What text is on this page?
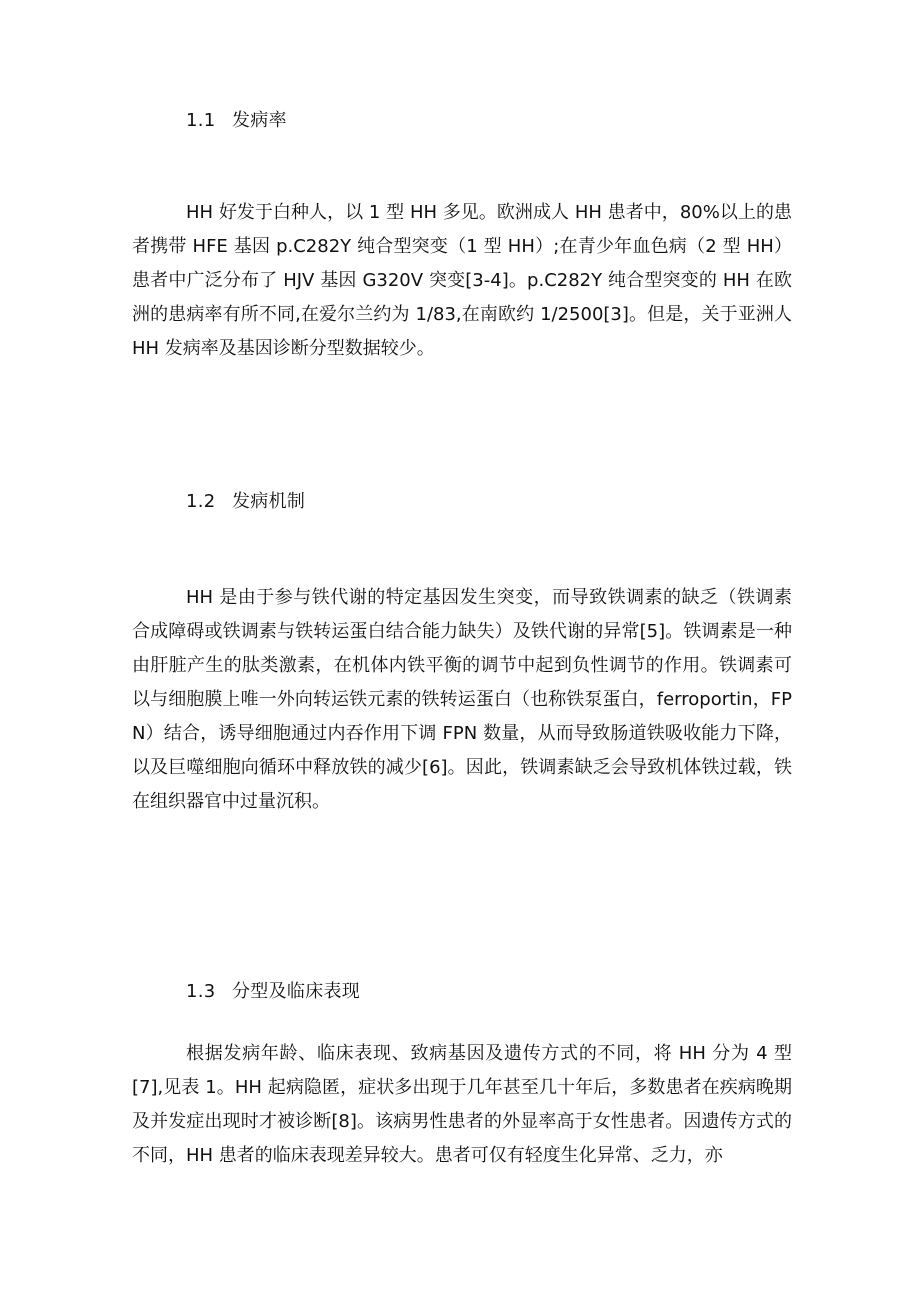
1.1 发病率
HH 好发于白种人，以 1 型 HH 多见。欧洲成人 HH 患者中，80%以上的患者携带 HFE 基因 p.C282Y 纯合型突变（1 型 HH）;在青少年血色病（2 型 HH）患者中广泛分布了 HJV 基因 G320V 突变[3-4]。p.C282Y 纯合型突变的 HH 在欧洲的患病率有所不同,在爱尔兰约为 1/83,在南欧约 1/2500[3]。但是，关于亚洲人 HH 发病率及基因诊断分型数据较少。
1.2 发病机制
HH 是由于参与铁代谢的特定基因发生突变，而导致铁调素的缺乏（铁调素合成障碍或铁调素与铁转运蛋白结合能力缺失）及铁代谢的异常[5]。铁调素是一种由肝脏产生的肽类激素，在机体内铁平衡的调节中起到负性调节的作用。铁调素可以与细胞膜上唯一外向转运铁元素的铁转运蛋白（也称铁泵蛋白，ferroportin，FPN）结合，诱导细胞通过内吞作用下调 FPN 数量，从而导致肠道铁吸收能力下降，以及巨噬细胞向循环中释放铁的减少[6]。因此，铁调素缺乏会导致机体铁过载，铁在组织器官中过量沉积。
1.3 分型及临床表现
根据发病年龄、临床表现、致病基因及遗传方式的不同，将 HH 分为 4 型[7],见表 1。HH 起病隐匿，症状多出现于几年甚至几十年后，多数患者在疾病晚期及并发症出现时才被诊断[8]。该病男性患者的外显率高于女性患者。因遗传方式的不同，HH 患者的临床表现差异较大。患者可仅有轻度生化异常、乏力，亦
